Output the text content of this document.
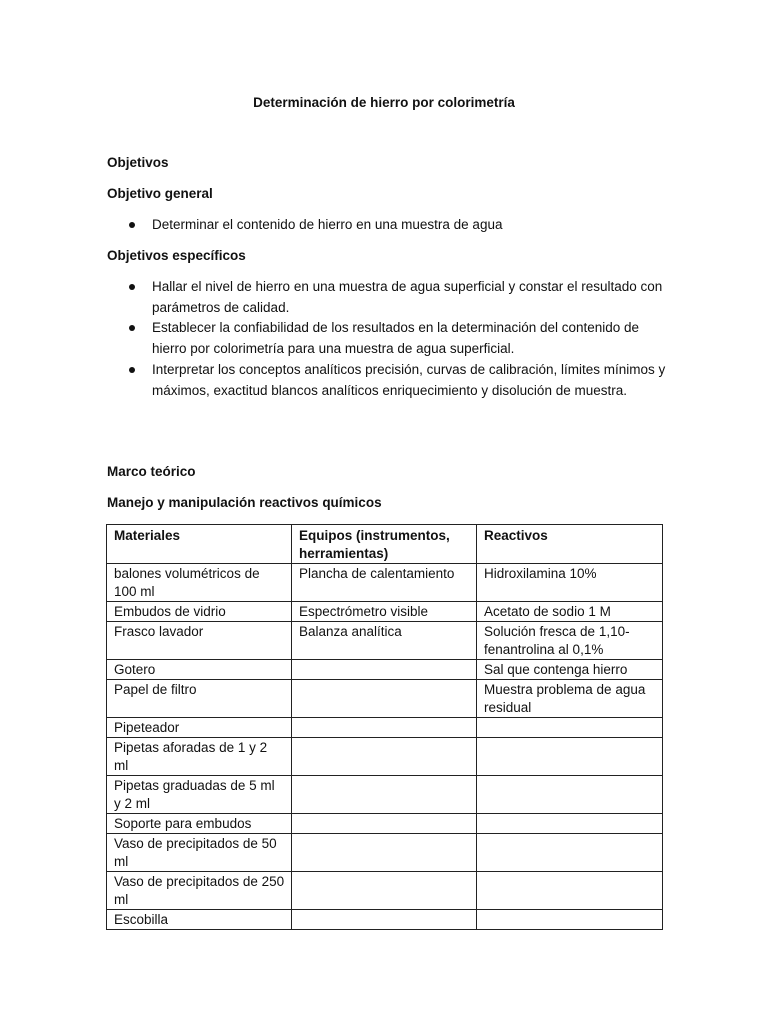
Determinación de hierro por colorimetría
Objetivos
Objetivo general
Determinar el contenido de hierro en una muestra de agua
Objetivos específicos
Hallar el nivel de hierro en una muestra de agua superficial y constar el resultado con parámetros de calidad.
Establecer la confiabilidad de los resultados en la determinación del contenido de hierro por colorimetría para una muestra de agua superficial.
Interpretar los conceptos analíticos precisión, curvas de calibración, límites mínimos y máximos, exactitud blancos analíticos enriquecimiento y disolución de muestra.
Marco teórico
Manejo y manipulación reactivos químicos
Materiales	Equipos (instrumentos, herramientas)	Reactivos
balones volumétricos de 100 ml	Plancha de calentamiento	Hidroxilamina 10%
Embudos de vidrio	Espectrómetro visible	Acetato de sodio 1 M
Frasco lavador	Balanza analítica	Solución fresca de 1,10-fenantrolina al 0,1%
Gotero		Sal que contenga hierro
Papel de filtro		Muestra problema de agua residual
Pipeteador		
Pipetas aforadas de 1 y 2 ml		
Pipetas graduadas de 5 ml y 2 ml		
Soporte para embudos		
Vaso de precipitados de 50 ml		
Vaso de precipitados de 250 ml		
Escobilla		
